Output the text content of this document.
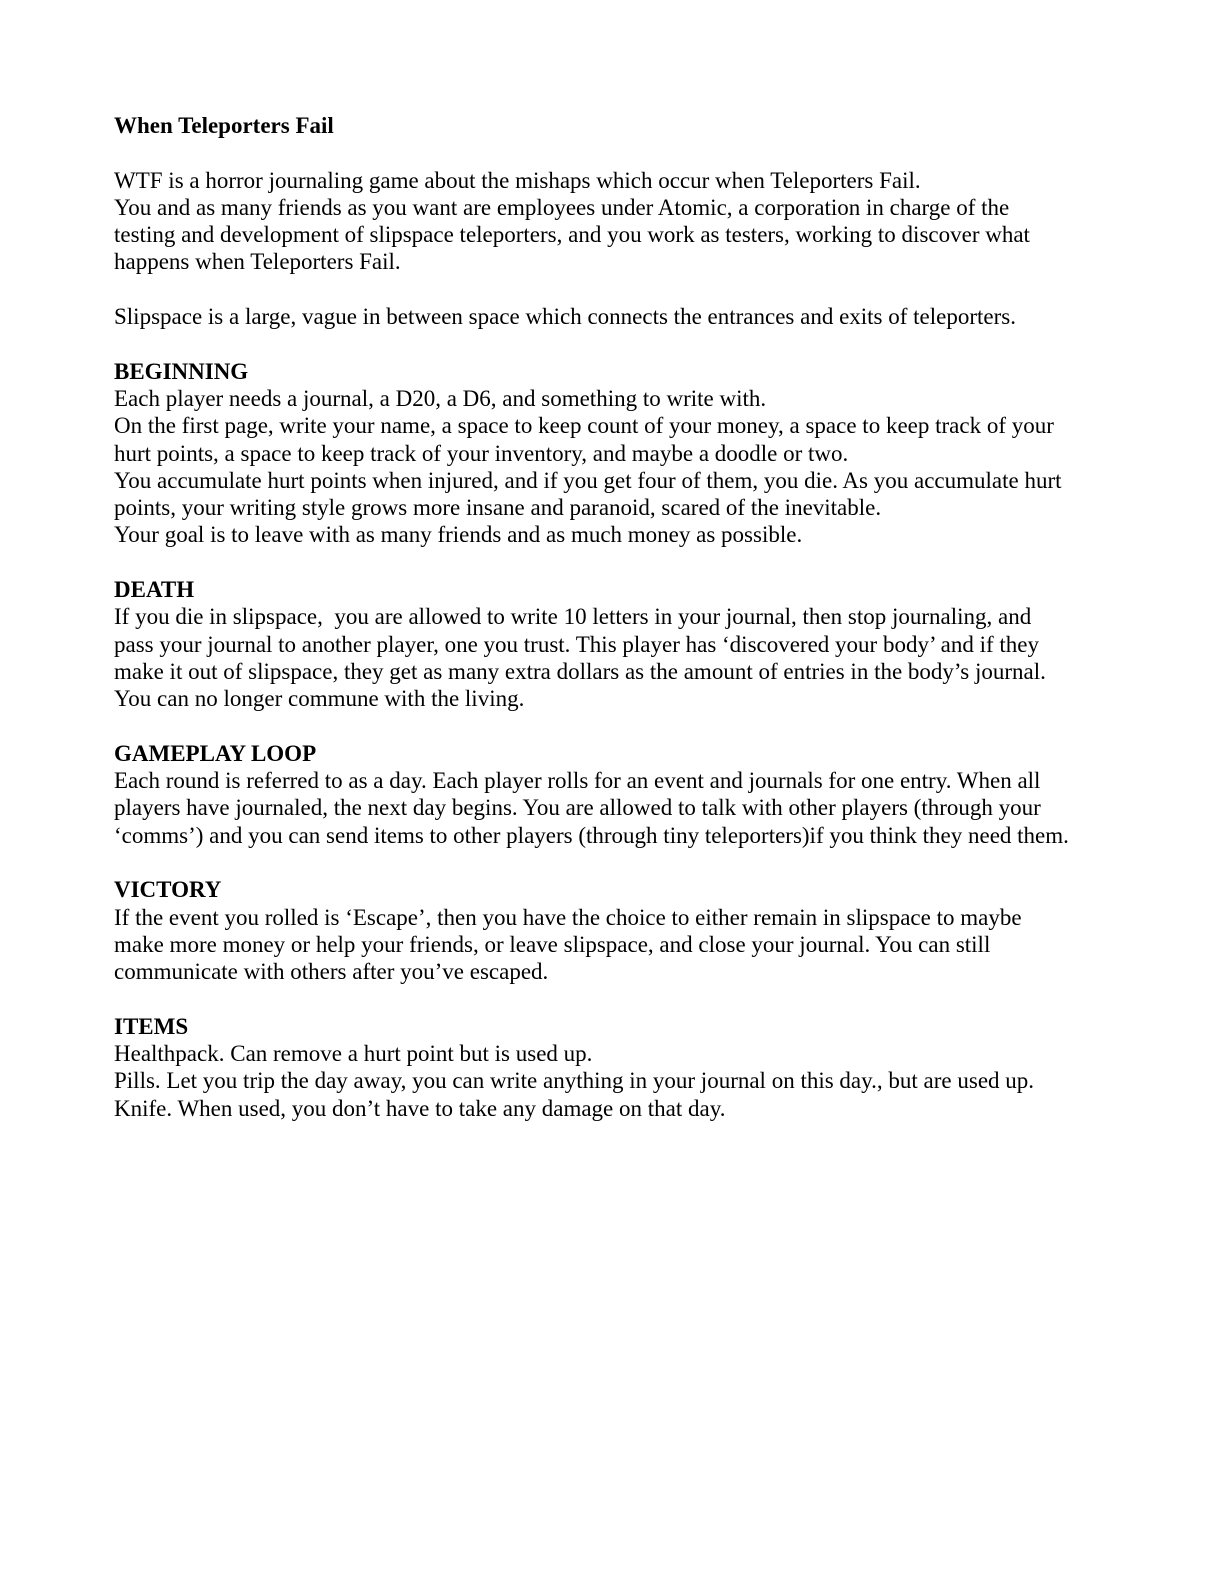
When Teleporters Fail
WTF is a horror journaling game about the mishaps which occur when Teleporters Fail.
You and as many friends as you want are employees under Atomic, a corporation in charge of the
testing and development of slipspace teleporters, and you work as testers, working to discover what
happens when Teleporters Fail.
Slipspace is a large, vague in between space which connects the entrances and exits of teleporters.
BEGINNING
Each player needs a journal, a D20, a D6, and something to write with.
On the first page, write your name, a space to keep count of your money, a space to keep track of your
hurt points, a space to keep track of your inventory, and maybe a doodle or two.
You accumulate hurt points when injured, and if you get four of them, you die. As you accumulate hurt
points, your writing style grows more insane and paranoid, scared of the inevitable.
Your goal is to leave with as many friends and as much money as possible.
DEATH
If you die in slipspace,  you are allowed to write 10 letters in your journal, then stop journaling, and
pass your journal to another player, one you trust. This player has ‘discovered your body’ and if they
make it out of slipspace, they get as many extra dollars as the amount of entries in the body’s journal.
You can no longer commune with the living.
GAMEPLAY LOOP
Each round is referred to as a day. Each player rolls for an event and journals for one entry. When all
players have journaled, the next day begins. You are allowed to talk with other players (through your
‘comms’) and you can send items to other players (through tiny teleporters)if you think they need them.
VICTORY
If the event you rolled is ‘Escape’, then you have the choice to either remain in slipspace to maybe
make more money or help your friends, or leave slipspace, and close your journal. You can still
communicate with others after you’ve escaped.
ITEMS
Healthpack. Can remove a hurt point but is used up.
Pills. Let you trip the day away, you can write anything in your journal on this day., but are used up.
Knife. When used, you don’t have to take any damage on that day.
